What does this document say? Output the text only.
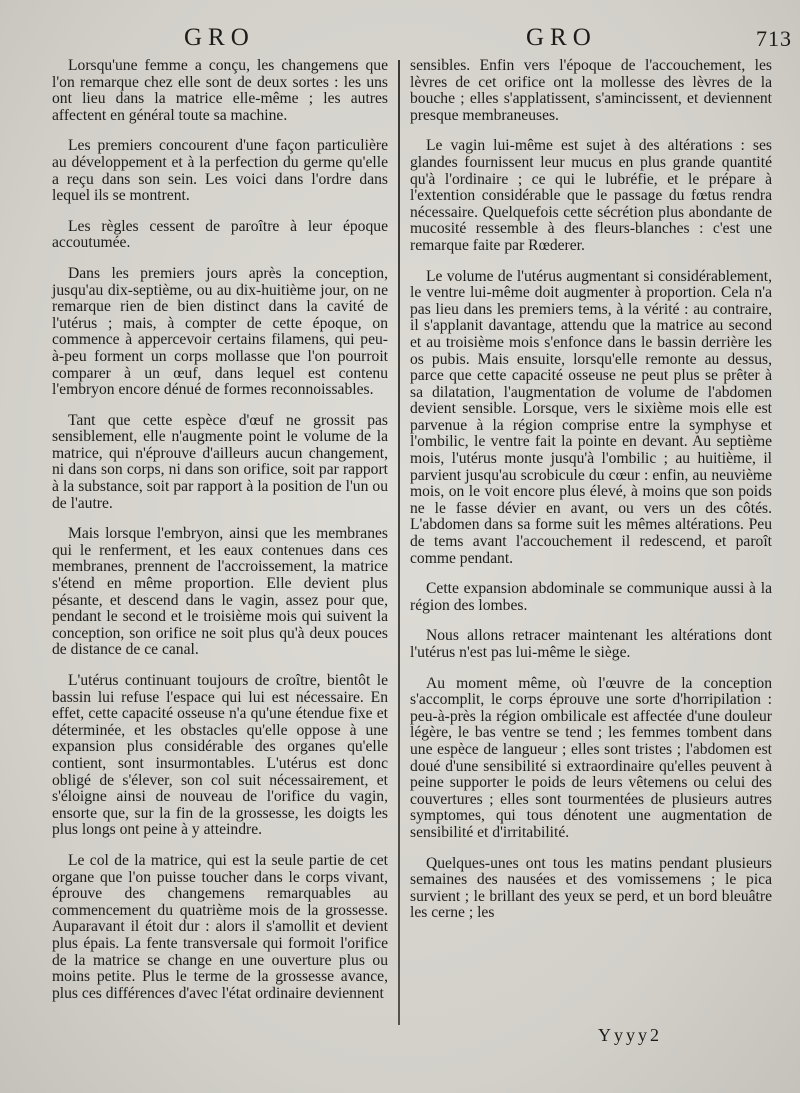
GRO	GRO	713

Lorsqu'une femme a conçu, les changemens que l'on remarque chez elle sont de deux sortes : les uns ont lieu dans la matrice elle-même ; les autres affectent en général toute sa machine.

Les premiers concourent d'une façon particulière au développement et à la perfection du germe qu'elle a reçu dans son sein. Les voici dans l'ordre dans lequel ils se montrent.

Les règles cessent de paroître à leur époque accoutumée.

Dans les premiers jours après la conception, jusqu'au dix-septième, ou au dix-huitième jour, on ne remarque rien de bien distinct dans la cavité de l'utérus ; mais, à compter de cette époque, on commence à appercevoir certains filamens, qui peu-à-peu forment un corps mollasse que l'on pourroit comparer à un œuf, dans lequel est contenu l'embryon encore dénué de formes reconnoissables.

Tant que cette espèce d'œuf ne grossit pas sensiblement, elle n'augmente point le volume de la matrice, qui n'éprouve d'ailleurs aucun changement, ni dans son corps, ni dans son orifice, soit par rapport à la substance, soit par rapport à la position de l'un ou de l'autre.

Mais lorsque l'embryon, ainsi que les membranes qui le renferment, et les eaux contenues dans ces membranes, prennent de l'accroissement, la matrice s'étend en même proportion. Elle devient plus pésante, et descend dans le vagin, assez pour que, pendant le second et le troisième mois qui suivent la conception, son orifice ne soit plus qu'à deux pouces de distance de ce canal.

L'utérus continuant toujours de croître, bientôt le bassin lui refuse l'espace qui lui est nécessaire. En effet, cette capacité osseuse n'a qu'une étendue fixe et déterminée, et les obstacles qu'elle oppose à une expansion plus considérable des organes qu'elle contient, sont insurmontables. L'utérus est donc obligé de s'élever, son col suit nécessairement, et s'éloigne ainsi de nouveau de l'orifice du vagin, ensorte que, sur la fin de la grossesse, les doigts les plus longs ont peine à y atteindre.

Le col de la matrice, qui est la seule partie de cet organe que l'on puisse toucher dans le corps vivant, éprouve des changemens remarquables au commencement du quatrième mois de la grossesse. Auparavant il étoit dur : alors il s'amollit et devient plus épais. La fente transversale qui formoit l'orifice de la matrice se change en une ouverture plus ou moins petite. Plus le terme de la grossesse avance, plus ces différences d'avec l'état ordinaire deviennent

sensibles. Enfin vers l'époque de l'accouchement, les lèvres de cet orifice ont la mollesse des lèvres de la bouche ; elles s'applatissent, s'amincissent, et deviennent presque membraneuses.

Le vagin lui-même est sujet à des altérations : ses glandes fournissent leur mucus en plus grande quantité qu'à l'ordinaire ; ce qui le lubréfie, et le prépare à l'extention considérable que le passage du fœtus rendra nécessaire. Quelquefois cette sécrétion plus abondante de mucosité ressemble à des fleurs-blanches : c'est une remarque faite par Rœderer.

Le volume de l'utérus augmentant si considérablement, le ventre lui-même doit augmenter à proportion. Cela n'a pas lieu dans les premiers tems, à la vérité : au contraire, il s'applanit davantage, attendu que la matrice au second et au troisième mois s'enfonce dans le bassin derrière les os pubis. Mais ensuite, lorsqu'elle remonte au dessus, parce que cette capacité osseuse ne peut plus se prêter à sa dilatation, l'augmentation de volume de l'abdomen devient sensible. Lorsque, vers le sixième mois elle est parvenue à la région comprise entre la symphyse et l'ombilic, le ventre fait la pointe en devant. Au septième mois, l'utérus monte jusqu'à l'ombilic ; au huitième, il parvient jusqu'au scrobicule du cœur : enfin, au neuvième mois, on le voit encore plus élevé, à moins que son poids ne le fasse dévier en avant, ou vers un des côtés. L'abdomen dans sa forme suit les mêmes altérations. Peu de tems avant l'accouchement il redescend, et paroît comme pendant.

Cette expansion abdominale se communique aussi à la région des lombes.

Nous allons retracer maintenant les altérations dont l'utérus n'est pas lui-même le siège.

Au moment même, où l'œuvre de la conception s'accomplit, le corps éprouve une sorte d'horripilation : peu-à-près la région ombilicale est affectée d'une douleur légère, le bas ventre se tend ; les femmes tombent dans une espèce de langueur ; elles sont tristes ; l'abdomen est doué d'une sensibilité si extraordinaire qu'elles peuvent à peine supporter le poids de leurs vêtemens ou celui des couvertures ; elles sont tourmentées de plusieurs autres symptomes, qui tous dénotent une augmentation de sensibilité et d'irritabilité.

Quelques-unes ont tous les matins pendant plusieurs semaines des nausées et des vomissemens ; le pica survient ; le brillant des yeux se perd, et un bord bleuâtre les cerne ; les

Yyyy2
